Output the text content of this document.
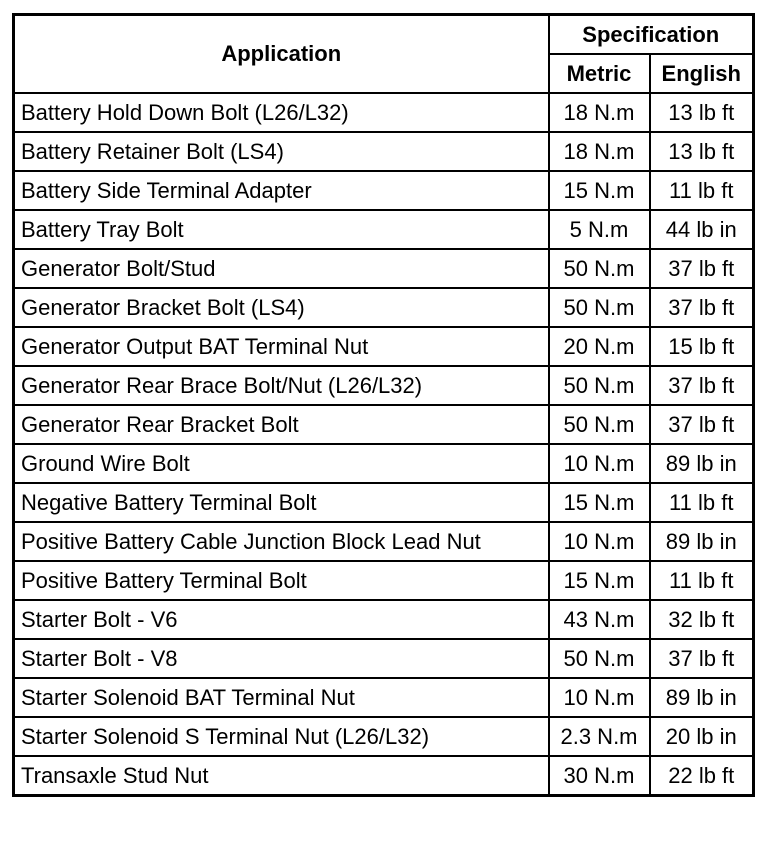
Application	Specification	
	Metric	English
Battery Hold Down Bolt (L26/L32)	18 N.m	13 lb ft
Battery Retainer Bolt (LS4)	18 N.m	13 lb ft
Battery Side Terminal Adapter	15 N.m	11 lb ft
Battery Tray Bolt	5 N.m	44 lb in
Generator Bolt/Stud	50 N.m	37 lb ft
Generator Bracket Bolt (LS4)	50 N.m	37 lb ft
Generator Output BAT Terminal Nut	20 N.m	15 lb ft
Generator Rear Brace Bolt/Nut (L26/L32)	50 N.m	37 lb ft
Generator Rear Bracket Bolt	50 N.m	37 lb ft
Ground Wire Bolt	10 N.m	89 lb in
Negative Battery Terminal Bolt	15 N.m	11 lb ft
Positive Battery Cable Junction Block Lead Nut	10 N.m	89 lb in
Positive Battery Terminal Bolt	15 N.m	11 lb ft
Starter Bolt - V6	43 N.m	32 lb ft
Starter Bolt - V8	50 N.m	37 lb ft
Starter Solenoid BAT Terminal Nut	10 N.m	89 lb in
Starter Solenoid S Terminal Nut (L26/L32)	2.3 N.m	20 lb in
Transaxle Stud Nut	30 N.m	22 lb ft
